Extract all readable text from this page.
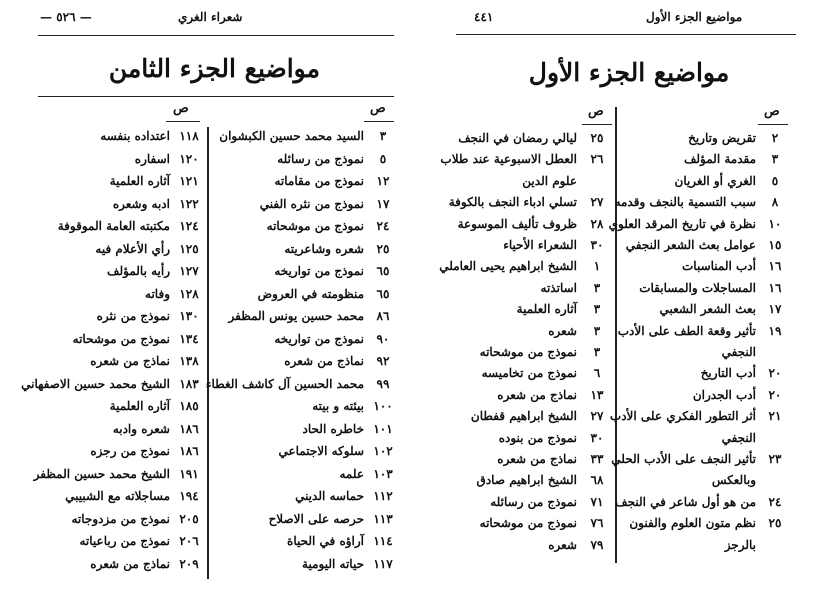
— ٥٢٦ —	شعراء الغري
مواضيع الجزء الثامن
ص
ص
٣
السيد محمد حسين الكبشوان
٥
نموذج من رسائله
١٢
نموذج من مقاماته
١٧
نموذج من نثره الفني
٢٤
نموذج من موشحاته
٢٥
شعره وشاعريته
٦٥
نموذج من تواريخه
٦٥
منظومته في العروض
٨٦
محمد حسين يونس المظفر
٩٠
نموذج من تواريخه
٩٢
نماذج من شعره
٩٩
محمد الحسين آل كاشف الغطاء
١٠٠
بيئته و بيته
١٠١
خاطره الحاد
١٠٢
سلوكه الاجتماعي
١٠٣
علمه
١١٢
حماسه الديني
١١٣
حرصه على الاصلاح
١١٤
آراؤه في الحياة
١١٧
حياته اليومية
١١٨
اعتداده بنفسه
١٢٠
اسفاره
١٢١
آثاره العلمية
١٢٢
ادبه وشعره
١٢٤
مكتبته العامة الموقوفة
١٢٥
رأي الأعلام فيه
١٢٧
رأيه بالمؤلف
١٢٨
وفاته
١٣٠
نموذج من نثره
١٣٤
نموذج من موشحاته
١٣٨
نماذج من شعره
١٨٣
الشيخ محمد حسين الاصفهاني
١٨٥
آثاره العلمية
١٨٦
شعره وادبه
١٨٦
نموذج من رجزه
١٩١
الشيخ محمد حسين المظفر
١٩٤
مساجلاته مع الشبيبي
٢٠٥
نموذج من مزدوجاته
٢٠٦
نموذج من رباعياته
٢٠٩
نماذج من شعره
٤٤١	مواضيع الجزء الأول
مواضيع الجزء الأول
ص
ص
٢
تقريض وتاريخ
٣
مقدمة المؤلف
٥
الغري أو الغريان
٨
سبب التسمية بالنجف وقدمه
١٠
نظرة في تاريخ المرقد العلوي
١٥
عوامل بعث الشعر النجفي
١٦
أدب المناسبات
١٦
المساجلات والمسابقات
١٧
بعث الشعر الشعبي
١٩
تأثير وقعة الطف على الأدب
النجفي
٢٠
أدب التاريخ
٢٠
أدب الجدران
٢١
أثر التطور الفكري على الأدب
النجفي
٢٣
تأثير النجف على الأدب الحلي
وبالعكس
٢٤
من هو أول شاعر في النجف
٢٥
نظم متون العلوم والفنون
بالرجز
٢٥
ليالي رمضان في النجف
٢٦
العطل الاسبوعية عند طلاب
علوم الدين
٢٧
تسلي ادباء النجف بالكوفة
٢٨
ظروف تأليف الموسوعة
٣٠
الشعراء الأحياء
١
الشيخ ابراهيم يحيى العاملي
٣
اساتذته
٣
آثاره العلمية
٣
شعره
٣
نموذج من موشحاته
٦
نموذج من تخاميسه
١٣
نماذج من شعره
٢٧
الشيخ ابراهيم قفطان
٣٠
نموذج من بنوده
٣٣
نماذج من شعره
٦٨
الشيخ ابراهيم صادق
٧١
نموذج من رسائله
٧٦
نموذج من موشحاته
٧٩
شعره
